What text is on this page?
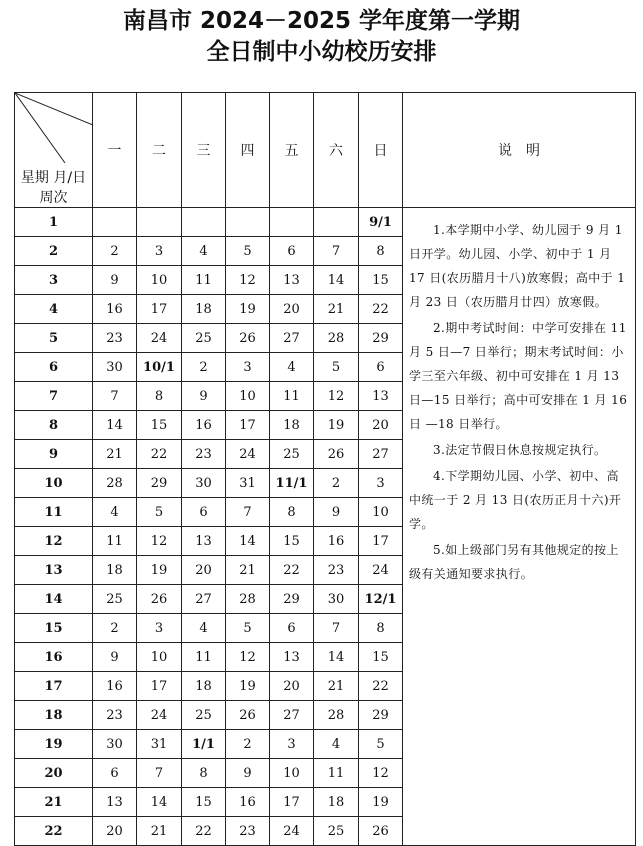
南昌市 2024－2025 学年度第一学期
全日制中小幼校历安排
星期 月/日 周次	一	二	三	四	五	六	日	说　明
1							9/1	1.本学期中小学、幼儿园于 9 月 1 日开学。幼儿园、小学、初中于 1 月 17 日(农历腊月十八)放寒假；高中于 1 月 23 日（农历腊月廿四）放寒假。

2.期中考试时间：中学可安排在 11 月 5 日—7 日举行；期末考试时间：小学三至六年级、初中可安排在 1 月 13 日—15 日举行；高中可安排在 1 月 16 日 —18 日举行。

3.法定节假日休息按规定执行。

4.下学期幼儿园、小学、初中、高中统一于 2 月 13 日(农历正月十六)开学。

5.如上级部门另有其他规定的按上级有关通知要求执行。

2	2	3	4	5	6	7	8	
3	9	10	11	12	13	14	15	
4	16	17	18	19	20	21	22	
5	23	24	25	26	27	28	29	
6	30	10/1	2	3	4	5	6	
7	7	8	9	10	11	12	13	
8	14	15	16	17	18	19	20	
9	21	22	23	24	25	26	27	
10	28	29	30	31	11/1	2	3	
11	4	5	6	7	8	9	10	
12	11	12	13	14	15	16	17	
13	18	19	20	21	22	23	24	
14	25	26	27	28	29	30	12/1	
15	2	3	4	5	6	7	8	
16	9	10	11	12	13	14	15	
17	16	17	18	19	20	21	22	
18	23	24	25	26	27	28	29	
19	30	31	1/1	2	3	4	5	
20	6	7	8	9	10	11	12	
21	13	14	15	16	17	18	19	
22	20	21	22	23	24	25	26	
